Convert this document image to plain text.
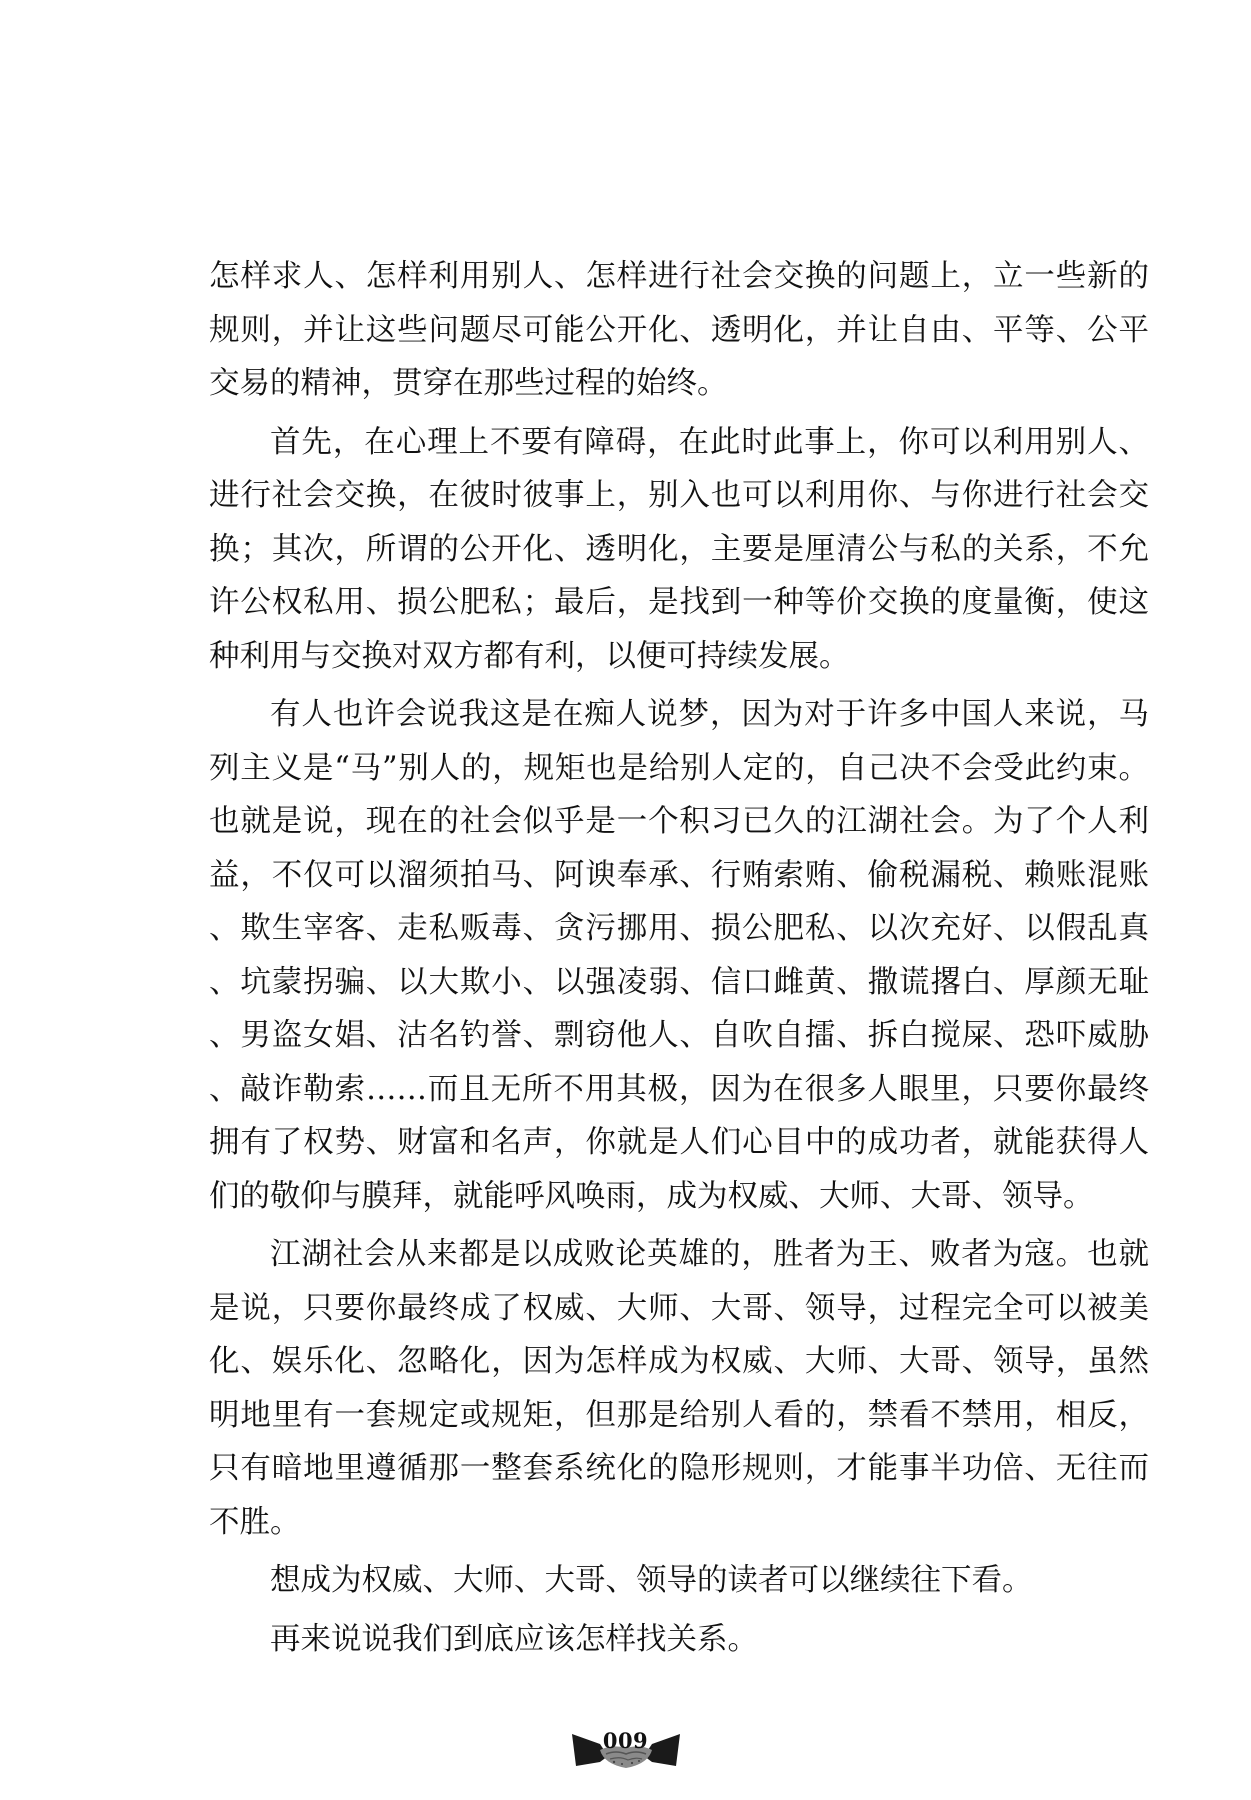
怎样求人、怎样利用别人、怎样进行社会交换的问题上，立一些新的规则，并让这些问题尽可能公开化、透明化，并让自由、平等、公平交易的精神，贯穿在那些过程的始终。

首先，在心理上不要有障碍，在此时此事上，你可以利用别人、进行社会交换，在彼时彼事上，别入也可以利用你、与你进行社会交换；其次，所谓的公开化、透明化，主要是厘清公与私的关系，不允许公权私用、损公肥私；最后，是找到一种等价交换的度量衡，使这种利用与交换对双方都有利，以便可持续发展。

有人也许会说我这是在痴人说梦，因为对于许多中国人来说，马列主义是“马”别人的，规矩也是给别人定的，自己决不会受此约束。也就是说，现在的社会似乎是一个积习已久的江湖社会。为了个人利益，不仅可以溜须拍马、阿谀奉承、行贿索贿、偷税漏税、赖账混账、欺生宰客、走私贩毒、贪污挪用、损公肥私、以次充好、以假乱真、坑蒙拐骗、以大欺小、以强凌弱、信口雌黄、撒谎撂白、厚颜无耻、男盗女娼、沽名钓誉、剽窃他人、自吹自擂、拆白搅屎、恐吓威胁、敲诈勒索……而且无所不用其极，因为在很多人眼里，只要你最终拥有了权势、财富和名声，你就是人们心目中的成功者，就能获得人们的敬仰与膜拜，就能呼风唤雨，成为权威、大师、大哥、领导。

江湖社会从来都是以成败论英雄的，胜者为王、败者为寇。也就是说，只要你最终成了权威、大师、大哥、领导，过程完全可以被美化、娱乐化、忽略化，因为怎样成为权威、大师、大哥、领导，虽然明地里有一套规定或规矩，但那是给别人看的，禁看不禁用，相反，只有暗地里遵循那一整套系统化的隐形规则，才能事半功倍、无往而不胜。

想成为权威、大师、大哥、领导的读者可以继续往下看。

再来说说我们到底应该怎样找关系。

009
